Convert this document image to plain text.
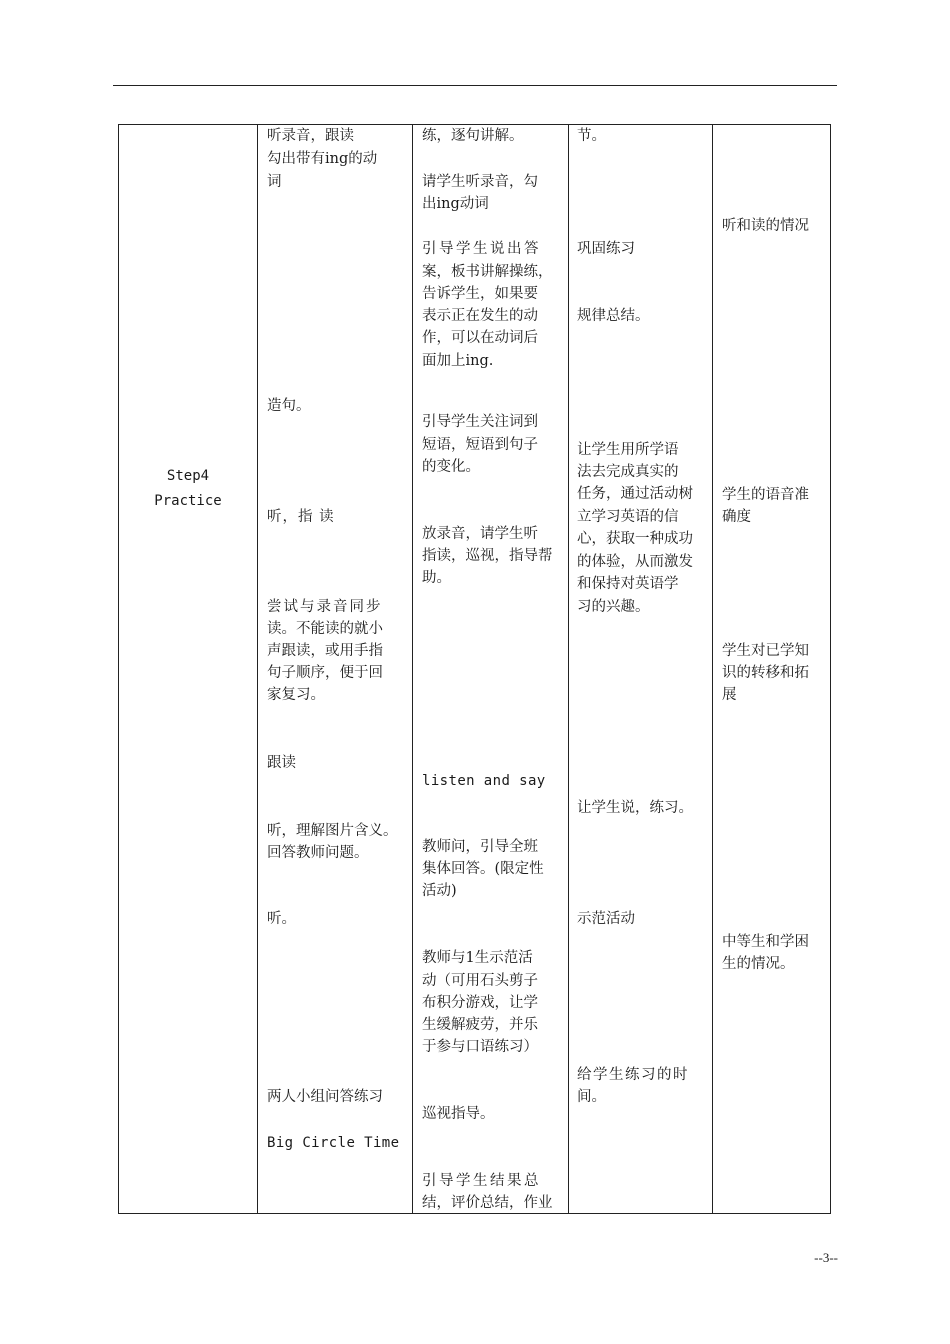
Step4
Practice
听录音，跟读
勾出带有ing的动
词
造句。
听，指 读
尝试与录音同步
读。不能读的就小
声跟读，或用手指
句子顺序，便于回
家复习。
跟读
听，理解图片含义。
回答教师问题。
听。
两人小组问答练习
Big Circle Time
练，逐句讲解。
请学生听录音，勾
出ing动词
引导学生说出答
案，板书讲解操练，
告诉学生，如果要
表示正在发生的动
作，可以在动词后
面加上ing.
引导学生关注词到
短语，短语到句子
的变化。
放录音，请学生听
指读，巡视，指导帮
助。
listen and say
教师问，引导全班
集体回答。(限定性
活动)
教师与1生示范活
动（可用石头剪子
布积分游戏，让学
生缓解疲劳，并乐
于参与口语练习）
巡视指导。
引导学生结果总
结，评价总结，作业
节。
巩固练习
规律总结。
让学生用所学语
法去完成真实的
任务，通过活动树
立学习英语的信
心，获取一种成功
的体验，从而激发
和保持对英语学
习的兴趣。
让学生说，练习。
示范活动
给学生练习的时
间。
听和读的情况
学生的语音准
确度
学生对已学知
识的转移和拓
展
中等生和学困
生的情况。
--3--
